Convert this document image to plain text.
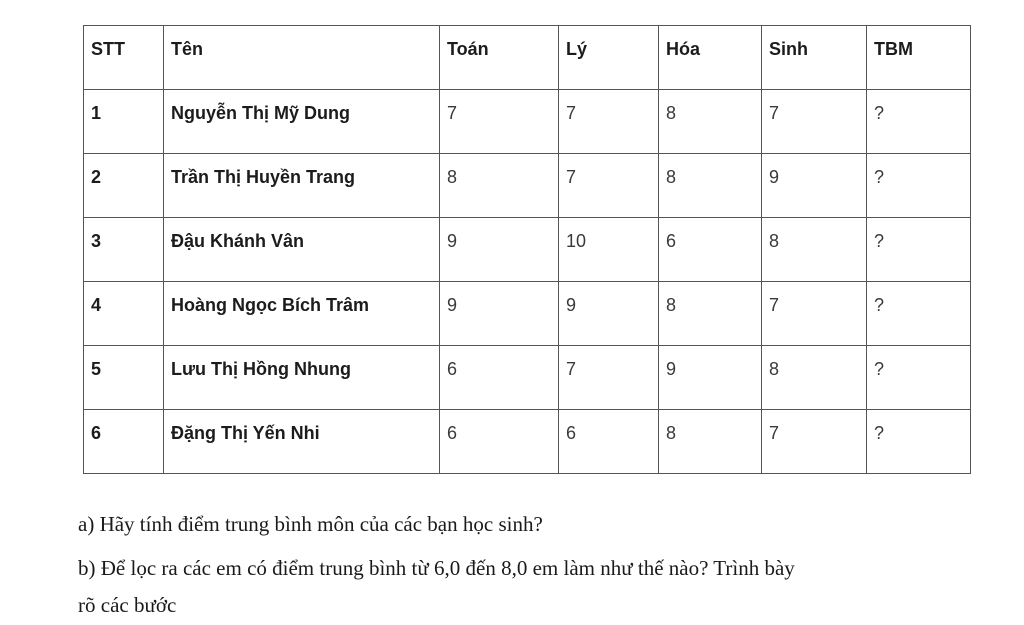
STT	Tên	Toán	Lý	Hóa	Sinh	TBM
1	Nguyễn Thị Mỹ Dung	7	7	8	7	?
2	Trần Thị Huyền Trang	8	7	8	9	?
3	Đậu Khánh Vân	9	10	6	8	?
4	Hoàng Ngọc Bích Trâm	9	9	8	7	?
5	Lưu Thị Hồng Nhung	6	7	9	8	?
6	Đặng Thị Yến Nhi	6	6	8	7	?
a) Hãy tính điểm trung bình môn của các bạn học sinh?
b) Để lọc ra các em có điểm trung bình từ 6,0 đến 8,0 em làm như thế nào? Trình bày
rõ các bước
